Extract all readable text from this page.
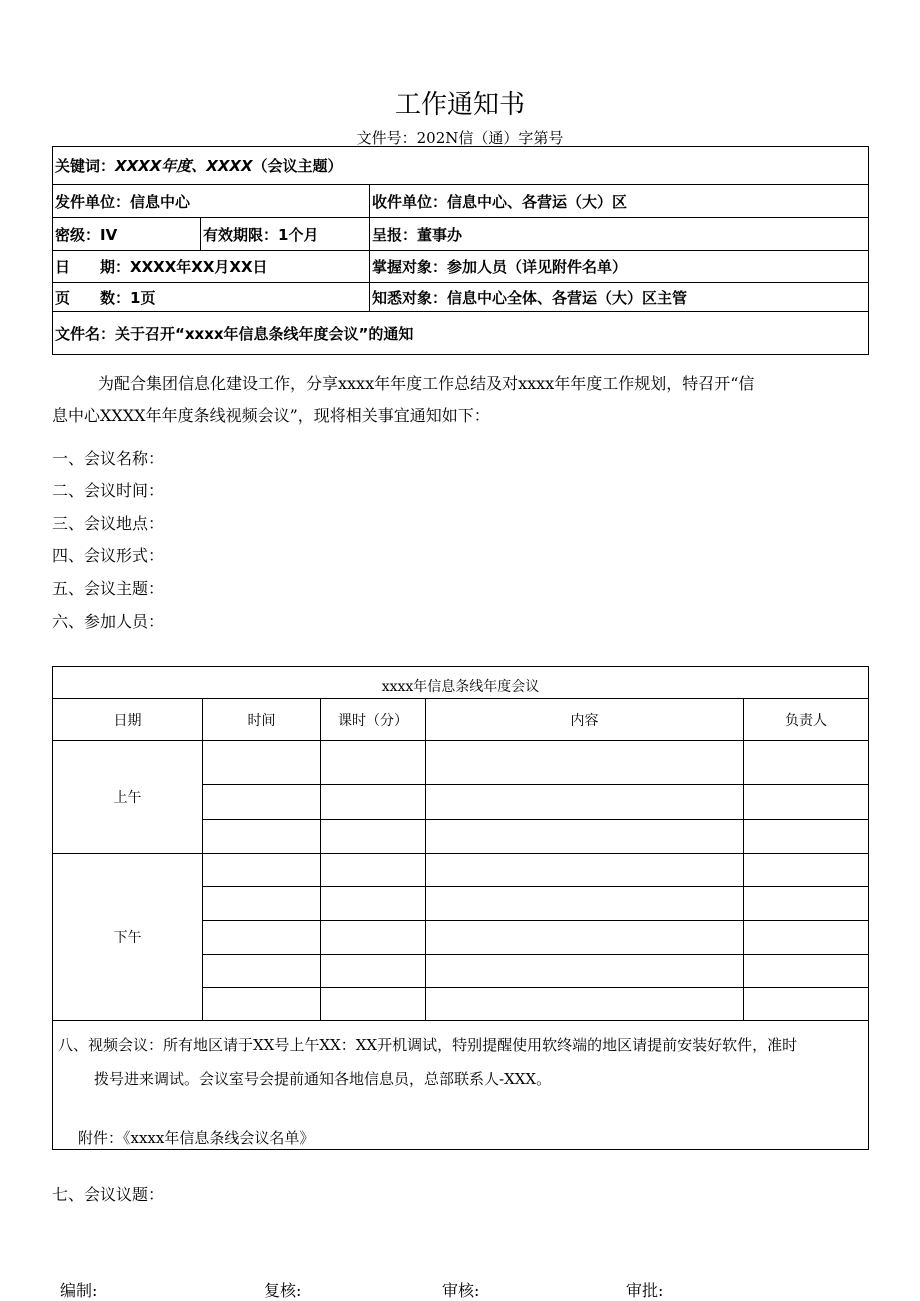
工作通知书
文件号：202N信（通）字第号
关键词：XXXX年度、XXXX（会议主题）		
发件单位：信息中心		收件单位：信息中心、各营运（大）区
密级：IV	有效期限：1个月	呈报：董事办
日　　期：XXXX年XX月XX日		掌握对象：参加人员（详见附件名单）
页　　数：1页		知悉对象：信息中心全体、各营运（大）区主管
文件名：关于召开“xxxx年信息条线年度会议”的通知		
为配合集团信息化建设工作，分享xxxx年年度工作总结及对xxxx年年度工作规划，特召开“信
息中心XXXX年年度条线视频会议”，现将相关事宜通知如下：
一、会议名称：
二、会议时间：
三、会议地点：
四、会议形式：
五、会议主题：
六、参加人员：
xxxx年信息条线年度会议				
日期	时间	课时（分）	内容	负责人
上午				

下午				

八、视频会议：所有地区请于XX号上午XX：XX开机调试，特别提醒使用软终端的地区请提前安装好软件，准时
拨号进来调试。会议室号会提前通知各地信息员，总部联系人-XXX。
附件：《xxxx年信息条线会议名单》
七、会议议题：
编制:	复核:	审核:	审批:
